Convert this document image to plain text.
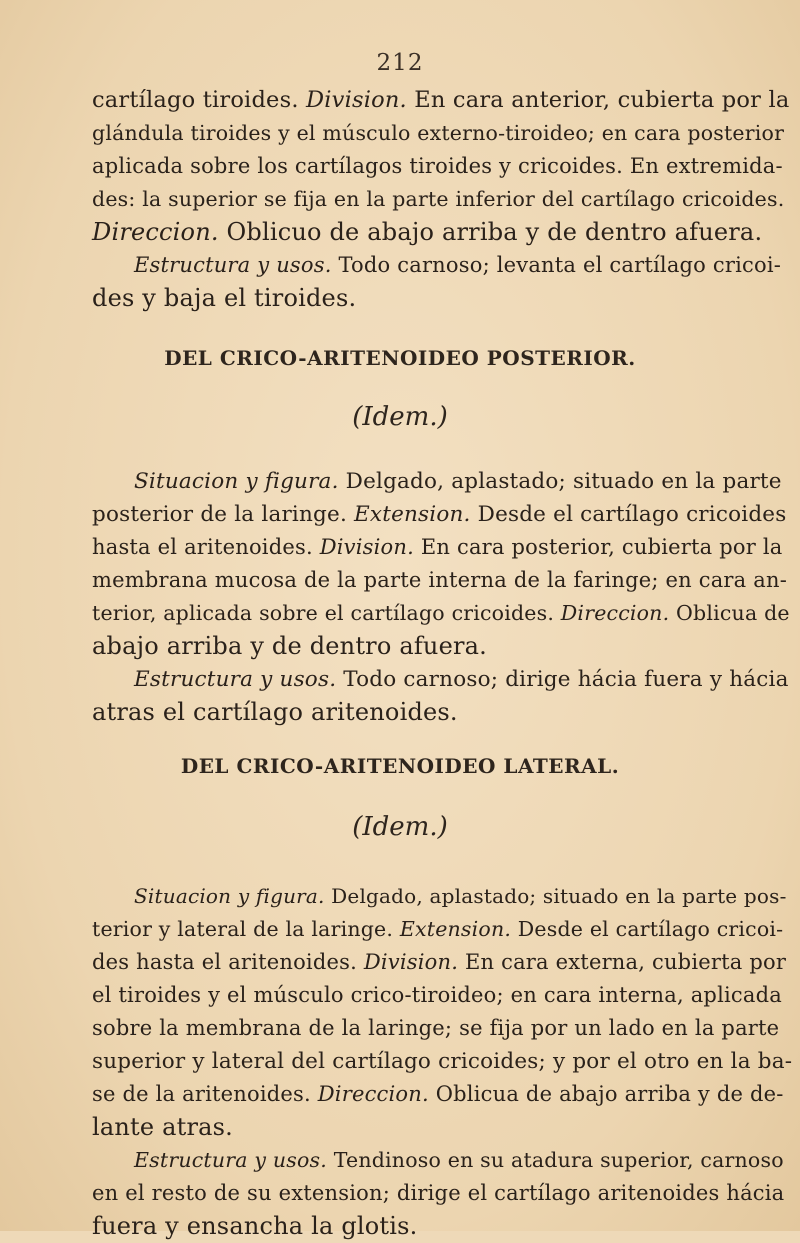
212
cartílago tiroides. Division. En cara anterior, cubierta por la
glándula tiroides y el músculo externo-tiroideo; en cara posterior
aplicada sobre los cartílagos tiroides y cricoides. En extremida-
des: la superior se fija en la parte inferior del cartílago cricoides.
Direccion. Oblicuo de abajo arriba y de dentro afuera.
Estructura y usos. Todo carnoso; levanta el cartílago cricoi-
des y baja el tiroides.
DEL CRICO-ARITENOIDEO POSTERIOR.
(Idem.)
Situacion y figura. Delgado, aplastado; situado en la parte
posterior de la laringe. Extension. Desde el cartílago cricoides
hasta el aritenoides. Division. En cara posterior, cubierta por la
membrana mucosa de la parte interna de la faringe; en cara an-
terior, aplicada sobre el cartílago cricoides. Direccion. Oblicua de
abajo arriba y de dentro afuera.
Estructura y usos. Todo carnoso; dirige hácia fuera y hácia
atras el cartílago aritenoides.
DEL CRICO-ARITENOIDEO LATERAL.
(Idem.)
Situacion y figura. Delgado, aplastado; situado en la parte pos-
terior y lateral de la laringe. Extension. Desde el cartílago cricoi-
des hasta el aritenoides. Division. En cara externa, cubierta por
el tiroides y el músculo crico-tiroideo; en cara interna, aplicada
sobre la membrana de la laringe; se fija por un lado en la parte
superior y lateral del cartílago cricoides; y por el otro en la ba-
se de la aritenoides. Direccion. Oblicua de abajo arriba y de de-
lante atras.
Estructura y usos. Tendinoso en su atadura superior, carnoso
en el resto de su extension; dirige el cartílago aritenoides hácia
fuera y ensancha la glotis.
